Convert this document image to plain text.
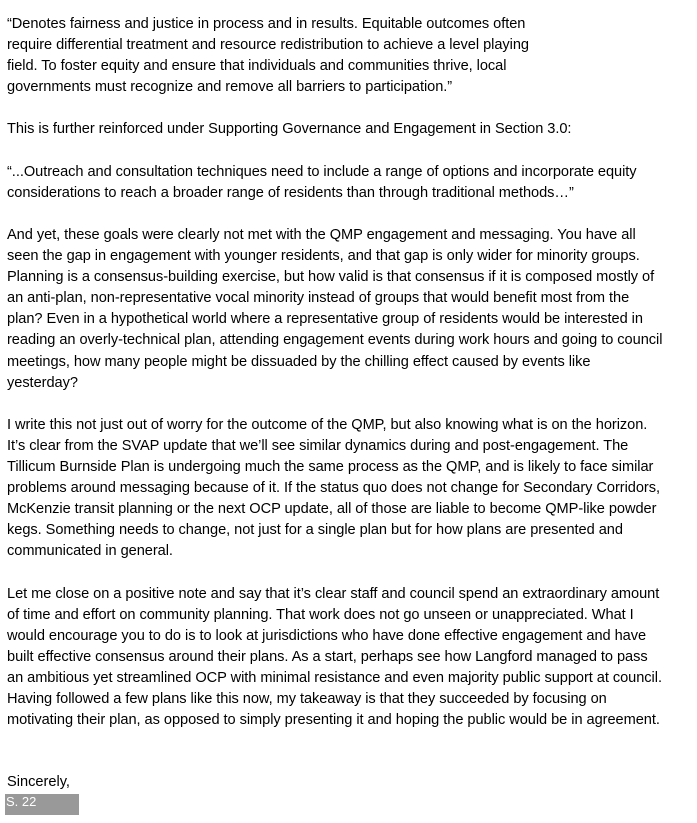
“Denotes fairness and justice in process and in results. Equitable outcomes often
require differential treatment and resource redistribution to achieve a level playing
field. To foster equity and ensure that individuals and communities thrive, local
governments must recognize and remove all barriers to participation.”
This is further reinforced under Supporting Governance and Engagement in Section 3.0:
“...Outreach and consultation techniques need to include a range of options and incorporate equity
considerations to reach a broader range of residents than through traditional methods…”
And yet, these goals were clearly not met with the QMP engagement and messaging. You have all
seen the gap in engagement with younger residents, and that gap is only wider for minority groups.
Planning is a consensus-building exercise, but how valid is that consensus if it is composed mostly of
an anti-plan, non-representative vocal minority instead of groups that would benefit most from the
plan? Even in a hypothetical world where a representative group of residents would be interested in
reading an overly-technical plan, attending engagement events during work hours and going to council
meetings, how many people might be dissuaded by the chilling effect caused by events like
yesterday?
I write this not just out of worry for the outcome of the QMP, but also knowing what is on the horizon.
It’s clear from the SVAP update that we’ll see similar dynamics during and post-engagement. The
Tillicum Burnside Plan is undergoing much the same process as the QMP, and is likely to face similar
problems around messaging because of it. If the status quo does not change for Secondary Corridors,
McKenzie transit planning or the next OCP update, all of those are liable to become QMP-like powder
kegs. Something needs to change, not just for a single plan but for how plans are presented and
communicated in general.
Let me close on a positive note and say that it’s clear staff and council spend an extraordinary amount
of time and effort on community planning. That work does not go unseen or unappreciated. What I
would encourage you to do is to look at jurisdictions who have done effective engagement and have
built effective consensus around their plans. As a start, perhaps see how Langford managed to pass
an ambitious yet streamlined OCP with minimal resistance and even majority public support at council.
Having followed a few plans like this now, my takeaway is that they succeeded by focusing on
motivating their plan, as opposed to simply presenting it and hoping the public would be in agreement.
Sincerely,
S. 22
